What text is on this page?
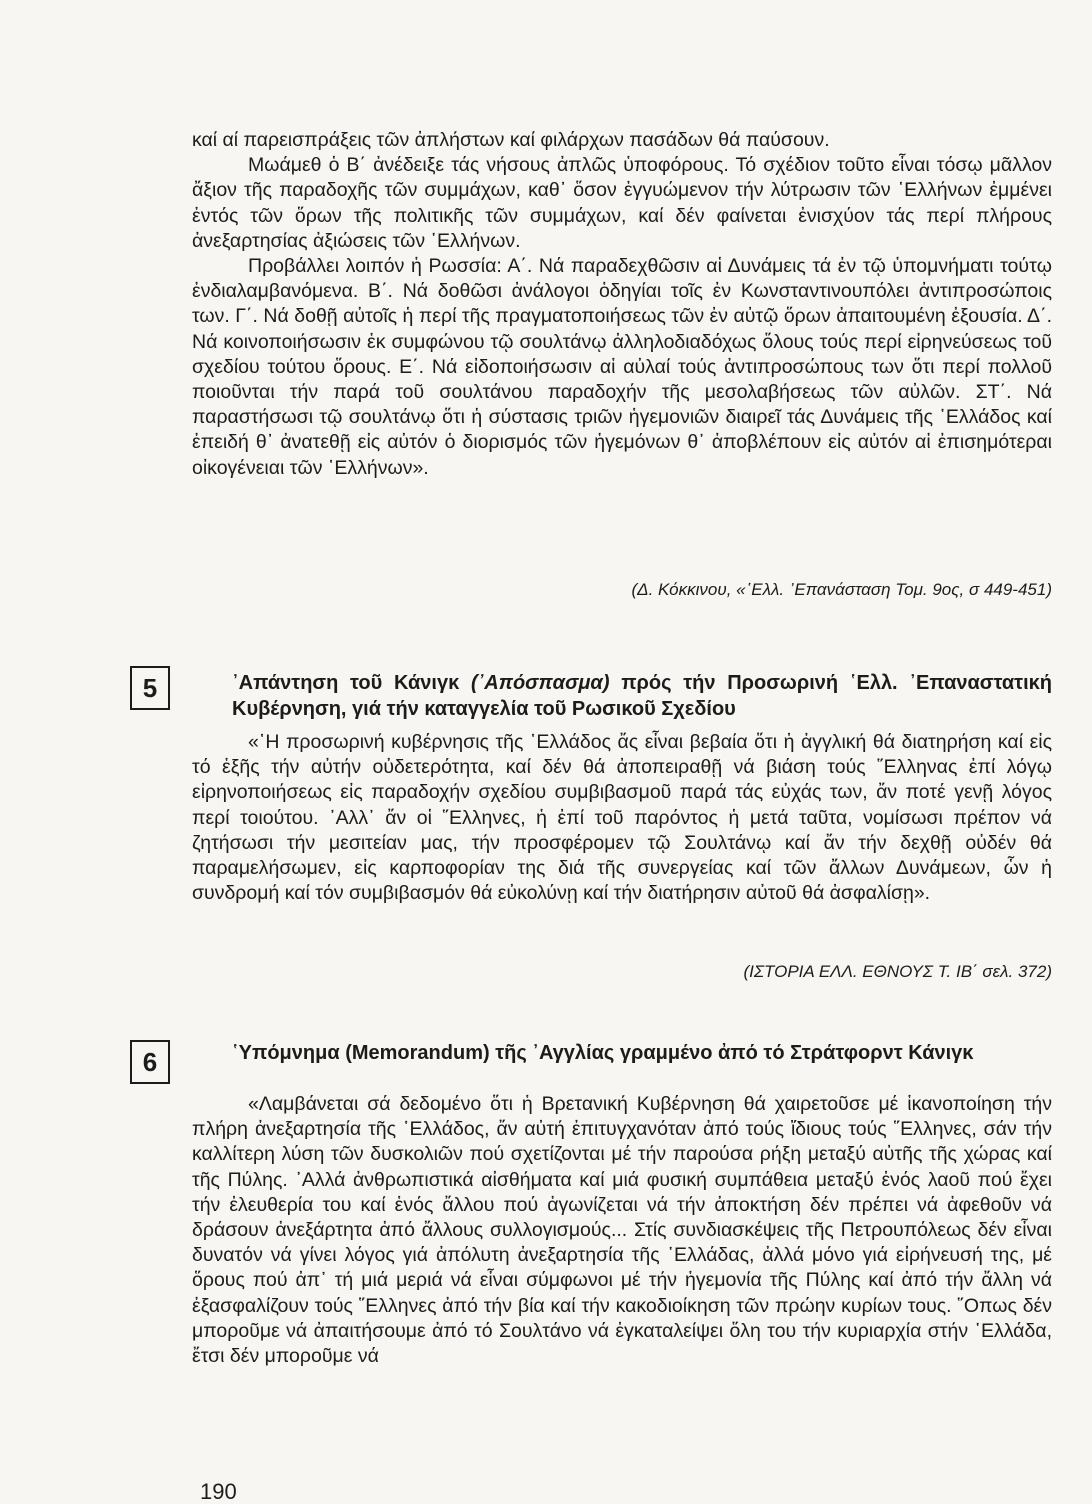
καί αί παρεισπράξεις τῶν ἀπλήστων καί φιλάρχων πασάδων θά παύσουν.

Μωάμεθ ὁ Β΄ ἀνέδειξε τάς νήσους ἀπλῶς ὑποφόρους. Τό σχέδιον τοῦτο εἶναι τόσῳ μᾶλλον ἄξιον τῆς παραδοχῆς τῶν συμμάχων, καθ᾽ ὅσον ἐγγυώμενον τήν λύτρωσιν τῶν ῾Ελλήνων ἐμμένει ἐντός τῶν ὅρων τῆς πολιτικῆς τῶν συμμάχων, καί δέν φαίνεται ἐνισχύον τάς περί πλήρους ἀνεξαρτησίας ἀξιώσεις τῶν ῾Ελλήνων.

Προβάλλει λοιπόν ἡ Ρωσσία: Α΄. Νά παραδεχθῶσιν αἱ Δυνάμεις τά ἐν τῷ ὑπομνήματι τούτῳ ἐνδιαλαμβανόμενα. Β΄. Νά δοθῶσι ἀνάλογοι ὁδηγίαι τοῖς ἐν Κωνσταντινουπόλει ἀντιπροσώποις των. Γ΄. Νά δοθῇ αὐτοῖς ἡ περί τῆς πραγματοποιήσεως τῶν ἐν αὐτῷ ὅρων ἀπαιτουμένη ἐξουσία. Δ΄. Νά κοινοποιήσωσιν ἐκ συμφώνου τῷ σουλτάνῳ ἀλληλοδιαδόχως ὅλους τούς περί εἰρηνεύσεως τοῦ σχεδίου τούτου ὅρους. Ε΄. Νά εἰδοποιήσωσιν αἱ αὐλαί τούς ἀντιπροσώπους των ὅτι περί πολλοῦ ποιοῦνται τήν παρά τοῦ σουλτάνου παραδοχήν τῆς μεσολαβήσεως τῶν αὐλῶν. ΣΤ΄. Νά παραστήσωσι τῷ σουλτάνῳ ὅτι ἡ σύστασις τριῶν ἡγεμονιῶν διαιρεῖ τάς Δυνάμεις τῆς ῾Ελλάδος καί ἐπειδή θ᾽ ἀνατεθῇ εἰς αὐτόν ὁ διορισμός τῶν ἡγεμόνων θ᾽ ἀποβλέπουν εἰς αὐτόν αἱ ἐπισημότεραι οἰκογένειαι τῶν ῾Ελλήνων».

(Δ. Κόκκινου, «῾Ελλ. ᾿Επανάσταση Τομ. 9ος, σ 449-451)
5	᾿Απάντηση τοῦ Κάνιγκ (᾿Απόσπασμα) πρός τήν Προσωρινή ῾Ελλ. ᾿Επαναστατική Κυβέρνηση, γιά τήν καταγγελία τοῦ Ρωσικοῦ Σχεδίου

«῾Η προσωρινή κυβέρνησις τῆς ῾Ελλάδος ἄς εἶναι βεβαία ὅτι ἡ ἀγγλική θά διατηρήση καί εἰς τό ἑξῆς τήν αὐτήν οὐδετερότητα, καί δέν θά ἀποπειραθῇ νά βιάση τούς ῞Ελληνας ἐπί λόγῳ εἰρηνοποιήσεως εἰς παραδοχήν σχεδίου συμβιβασμοῦ παρά τάς εὐχάς των, ἄν ποτέ γενῇ λόγος περί τοιούτου. ᾿Αλλ᾽ ἄν οἱ ῞Ελληνες, ἡ ἐπί τοῦ παρόντος ἡ μετά ταῦτα, νομίσωσι πρέπον νά ζητήσωσι τήν μεσιτείαν μας, τήν προσφέρομεν τῷ Σουλτάνῳ καί ἄν τήν δεχθῇ οὐδέν θά παραμελήσωμεν, εἰς καρποφορίαν της διά τῆς συνεργείας καί τῶν ἄλλων Δυνάμεων, ὧν ἡ συνδρομή καί τόν συμβιβασμόν θά εὐκολύνῃ καί τήν διατήρησιν αὐτοῦ θά ἀσφαλίσῃ».

(ΙΣΤΟΡΙΑ ΕΛΛ. ΕΘΝΟΥΣ Τ. ΙΒ΄ σελ. 372)
6	῾Υπόμνημα (Memorandum) τῆς ᾿Αγγλίας γραμμένο ἀπό τό Στράτφορντ Κάνιγκ

«Λαμβάνεται σά δεδομένο ὅτι ἡ Βρετανική Κυβέρνηση θά χαιρετοῦσε μέ ἱκανοποίηση τήν πλήρη ἀνεξαρτησία τῆς ῾Ελλάδος, ἄν αὐτή ἐπιτυγχανόταν ἀπό τούς ἴδιους τούς ῞Ελληνες, σάν τήν καλλίτερη λύση τῶν δυσκολιῶν πού σχετίζονται μέ τήν παρούσα ρήξη μεταξύ αὐτῆς τῆς χώρας καί τῆς Πύλης. ᾿Αλλά ἀνθρωπιστικά αἰσθήματα καί μιά φυσική συμπάθεια μεταξύ ἑνός λαοῦ πού ἔχει τήν ἐλευθερία του καί ἑνός ἄλλου πού ἀγωνίζεται νά τήν ἀποκτήση δέν πρέπει νά ἀφεθοῦν νά δράσουν ἀνεξάρτητα ἀπό ἄλλους συλλογισμούς... Στίς συνδιασκέψεις τῆς Πετρουπόλεως δέν εἶναι δυνατόν νά γίνει λόγος γιά ἀπόλυτη ἀνεξαρτησία τῆς ῾Ελλάδας, ἀλλά μόνο γιά εἰρήνευσή της, μέ ὅρους πού ἀπ᾽ τή μιά μεριά νά εἶναι σύμφωνοι μέ τήν ἡγεμονία τῆς Πύλης καί ἀπό τήν ἄλλη νά ἐξασφαλίζουν τούς ῞Ελληνες ἀπό τήν βία καί τήν κακοδιοίκηση τῶν πρώην κυρίων τους. ῞Οπως δέν μποροῦμε νά ἀπαιτήσουμε ἀπό τό Σουλτάνο νά ἐγκαταλείψει ὅλη του τήν κυριαρχία στήν ῾Ελλάδα, ἔτσι δέν μποροῦμε νά

190
